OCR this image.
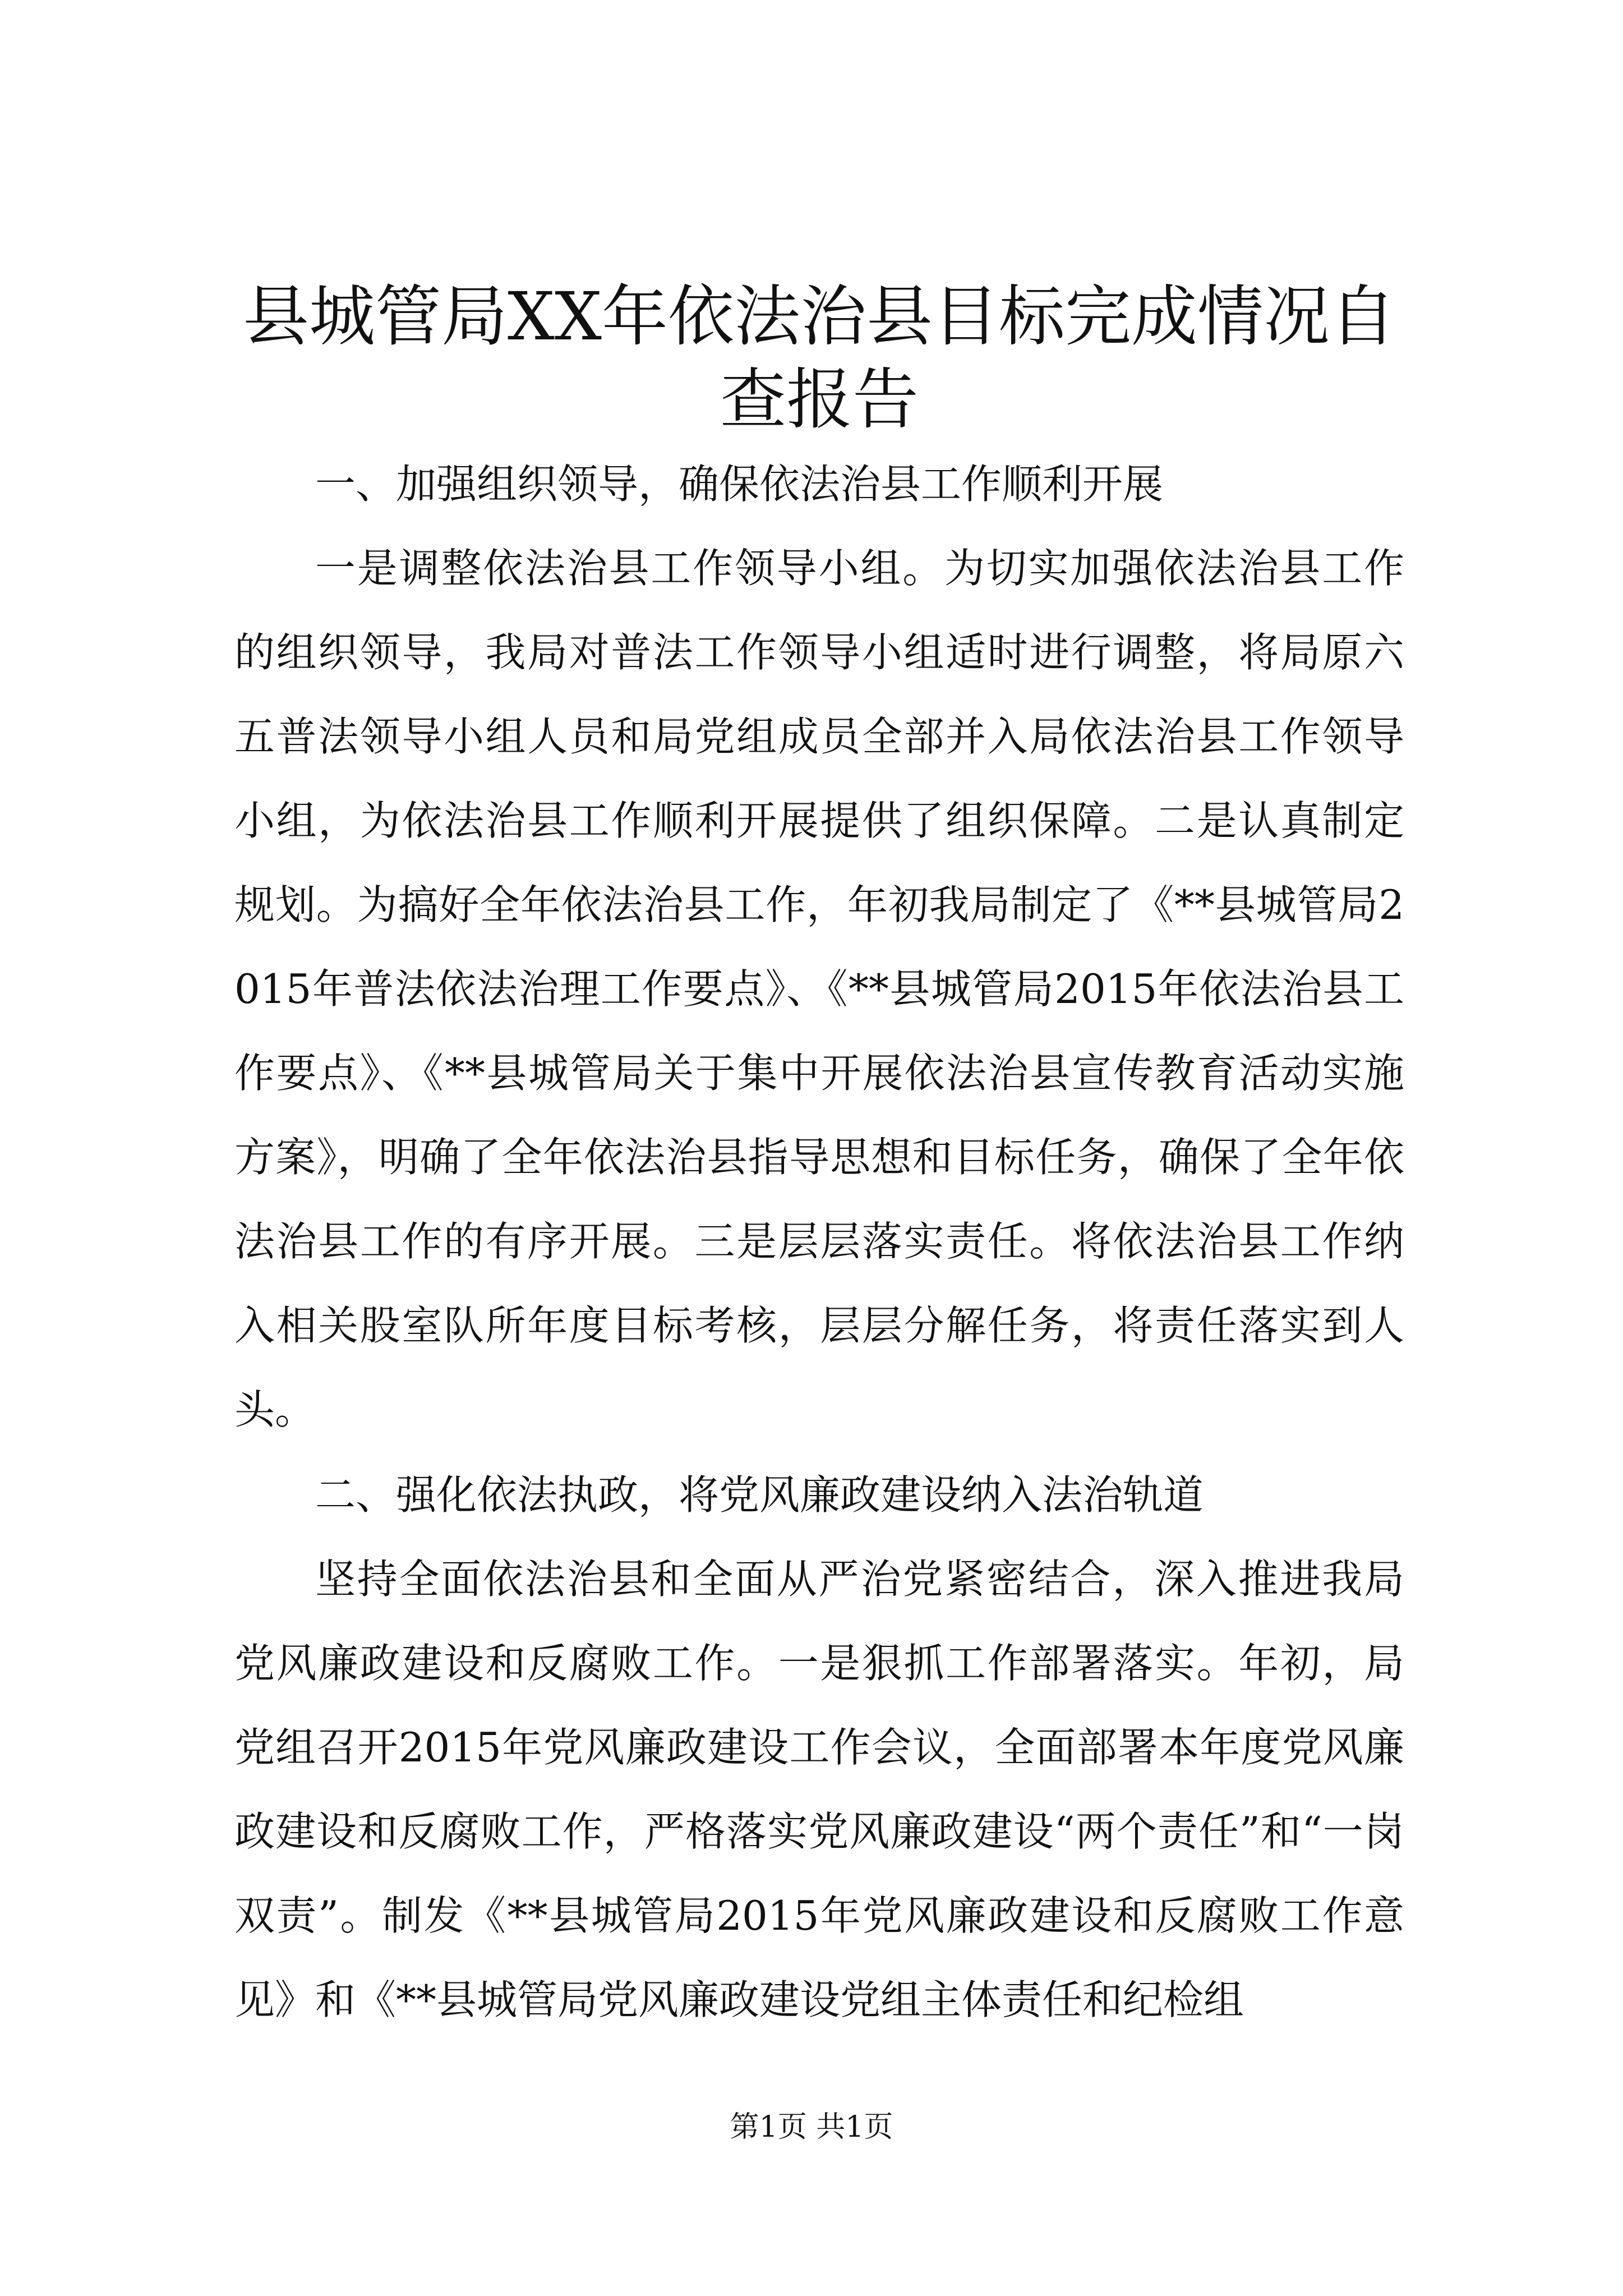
县城管局XX年依法治县目标完成情况自查报告

一、加强组织领导，确保依法治县工作顺利开展

一是调整依法治县工作领导小组。为切实加强依法治县工作的组织领导，我局对普法工作领导小组适时进行调整，将局原六五普法领导小组人员和局党组成员全部并入局依法治县工作领导小组，为依法治县工作顺利开展提供了组织保障。二是认真制定规划。为搞好全年依法治县工作，年初我局制定了《**县城管局2015年普法依法治理工作要点》、《**县城管局2015年依法治县工作要点》、《**县城管局关于集中开展依法治县宣传教育活动实施方案》，明确了全年依法治县指导思想和目标任务，确保了全年依法治县工作的有序开展。三是层层落实责任。将依法治县工作纳入相关股室队所年度目标考核，层层分解任务，将责任落实到人头。

二、强化依法执政，将党风廉政建设纳入法治轨道

坚持全面依法治县和全面从严治党紧密结合，深入推进我局党风廉政建设和反腐败工作。一是狠抓工作部署落实。年初，局党组召开2015年党风廉政建设工作会议，全面部署本年度党风廉政建设和反腐败工作，严格落实党风廉政建设“两个责任”和“一岗双责”。制发《**县城管局2015年党风廉政建设和反腐败工作意见》和《**县城管局党风廉政建设党组主体责任和纪检组

第1页 共1页
